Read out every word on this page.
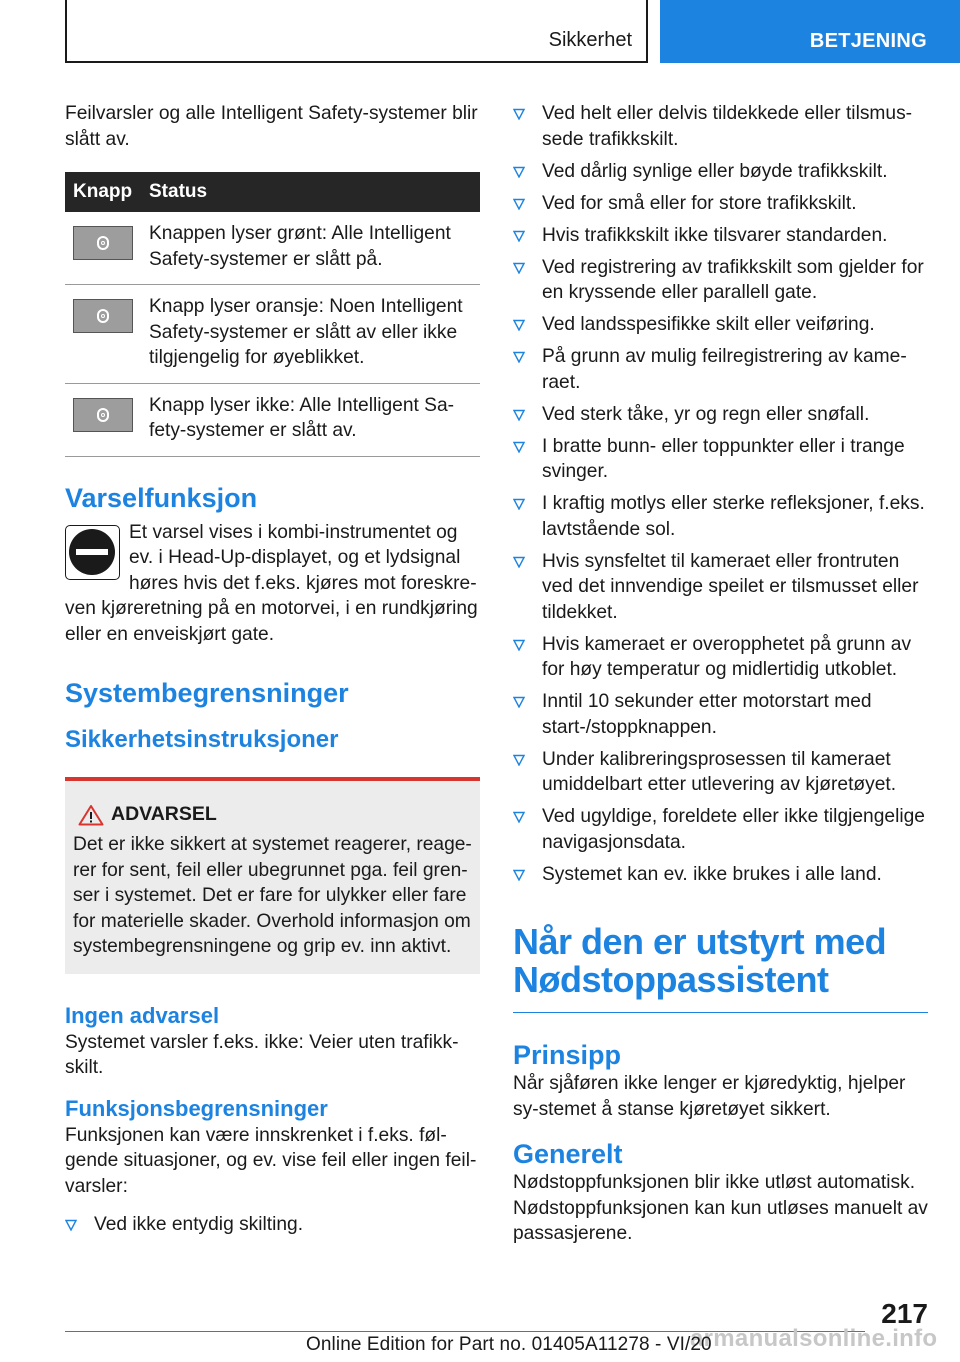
Sikkerhet	BETJENING

Feilvarsler og alle Intelligent Safety-systemer blir slått av.

Knapp Status
Knappen lyser grønt: Alle Intelligent Safety-systemer er slått på.
Knapp lyser oransje: Noen Intelligent Safety-systemer er slått av eller ikke tilgjengelig for øyeblikket.
Knapp lyser ikke: Alle Intelligent Sa-fety-systemer er slått av.
Varselfunksjon

Et varsel vises i kombi-instrumentet og ev. i Head-Up-displayet, og et lydsignal høres hvis det f.eks. kjøres mot foreskre-ven kjøreretning på en motorvei, i en rundkjøring eller en enveiskjørt gate.

Systembegrensninger
Sikkerhetsinstruksjoner
ADVARSEL

Det er ikke sikkert at systemet reagerer, reage-rer for sent, feil eller ubegrunnet pga. feil gren-ser i systemet. Det er fare for ulykker eller fare for materielle skader. Overhold informasjon om systembegrensningene og grip ev. inn aktivt.

Ingen advarsel

Systemet varsler f.eks. ikke: Veier uten trafikk-skilt.

Funksjonsbegrensninger

Funksjonen kan være innskrenket i f.eks. føl-gende situasjoner, og ev. vise feil eller ingen feil-varsler:

Ved ikke entydig skilting.
Ved helt eller delvis tildekkede eller tilsmus-sede trafikkskilt.
Ved dårlig synlige eller bøyde trafikkskilt.
Ved for små eller for store trafikkskilt.
Hvis trafikkskilt ikke tilsvarer standarden.
Ved registrering av trafikkskilt som gjelder for en kryssende eller parallell gate.
Ved landsspesifikke skilt eller veiføring.
På grunn av mulig feilregistrering av kame-raet.
Ved sterk tåke, yr og regn eller snøfall.
I bratte bunn- eller toppunkter eller i trange svinger.
I kraftig motlys eller sterke refleksjoner, f.eks. lavtstående sol.
Hvis synsfeltet til kameraet eller frontruten ved det innvendige speilet er tilsmusset eller tildekket.
Hvis kameraet er overopphetet på grunn av for høy temperatur og midlertidig utkoblet.
Inntil 10 sekunder etter motorstart med start-/stoppknappen.
Under kalibreringsprosessen til kameraet umiddelbart etter utlevering av kjøretøyet.
Ved ugyldige, foreldete eller ikke tilgjengelige navigasjonsdata.
Systemet kan ev. ikke brukes i alle land.

Når den er utstyrt med

Nødstoppassistent

Prinsipp

Når sjåføren ikke lenger er kjøredyktig, hjelper sy-stemet å stanse kjøretøyet sikkert.

Generelt

Nødstoppfunksjonen blir ikke utløst automatisk. Nødstoppfunksjonen kan kun utløses manuelt av passasjerene.

217
armanualsonline.info
Online Edition for Part no. 01405A11278 - VI/20
